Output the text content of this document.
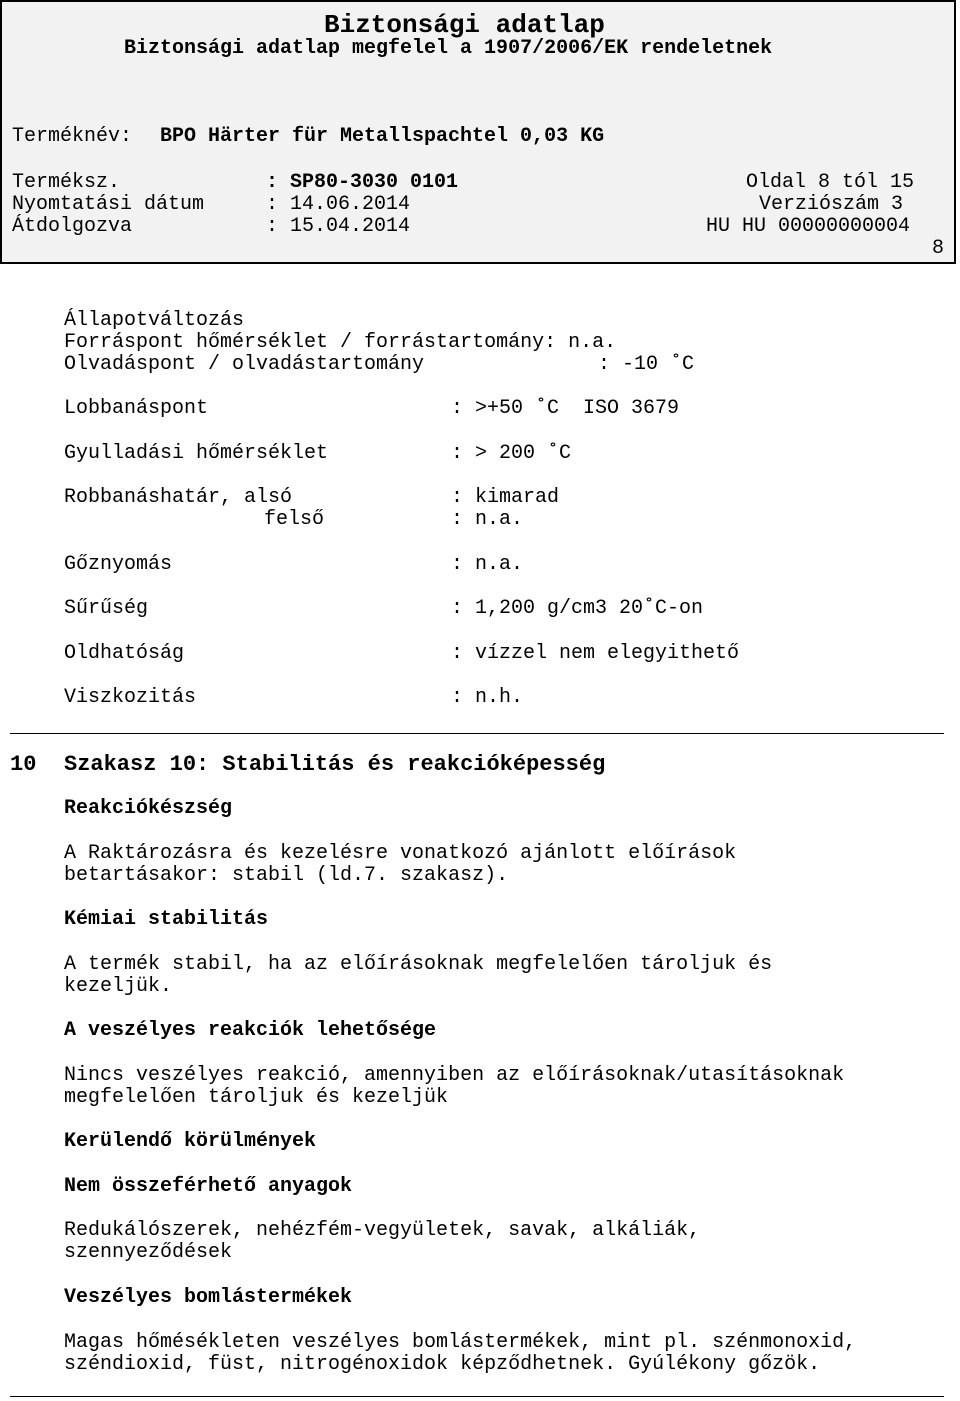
Biztonsági adatlap
Biztonsági adatlap megfelel a 1907/2006/EK rendeletnek
Terméknév: BPO Härter für Metallspachtel 0,03 KG
Terméksz.	: SP80-3030 0101	Oldal 8 tól 15
Nyomtatási dátum	: 14.06.2014	Verziószám 3
Átdolgozva	: 15.04.2014	HU HU 00000000004
8
Állapotváltozás
Forráspont hőmérséklet / forrástartomány: n.a.
Olvadáspont / olvadástartomány	: -10 ˚C
Lobbanáspont	: >+50 ˚C  ISO 3679
Gyulladási hőmérséklet	: > 200 ˚C
Robbanáshatár, alsó	: kimarad
felső	: n.a.
Gőznyomás	: n.a.
Sűrűség	: 1,200 g/cm3 20˚C-on
Oldhatóság	: vízzel nem elegyithető
Viszkozitás	: n.h.
10 Szakasz 10: Stabilitás és reakcióképesség
Reakciókészség
A Raktározásra és kezelésre vonatkozó ajánlott előírások
betartásakor: stabil (ld.7. szakasz).
Kémiai stabilitás
A termék stabil, ha az előírásoknak megfelelően tároljuk és
kezeljük.
A veszélyes reakciók lehetősége
Nincs veszélyes reakció, amennyiben az előírásoknak/utasításoknak
megfelelően tároljuk és kezeljük
Kerülendő körülmények
Nem összeférhető anyagok
Redukálószerek, nehézfém-vegyületek, savak, alkáliák,
szennyeződések
Veszélyes bomlástermékek
Magas hőmésékleten veszélyes bomlástermékek, mint pl. szénmonoxid,
széndioxid, füst, nitrogénoxidok képződhetnek. Gyúlékony gőzök.
